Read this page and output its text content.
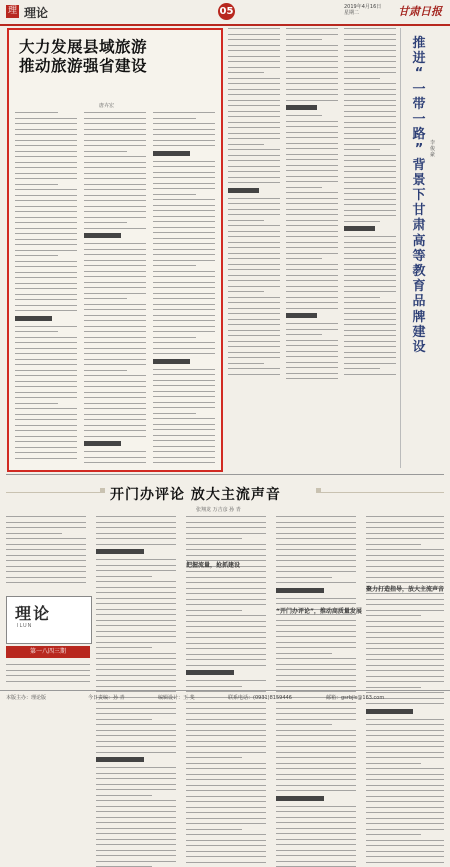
理 理论	05	2019年4月16日
星期二	甘肃日报
大力发展县域旅游
推动旅游强省建设
唐卉宏
推
进
“
一
带
一
路
”
背
景
下
甘
肃
高
等
教
育
品
牌
建
设
李俊豪
开门办评论 放大主流声音
张翔龙 万吉彦 孙 青
把握流量，抢抓建设
“开门办评论”，推动高质量发展
聚力打造指导，放大主流声音
理论
ILUN
第一八四三期
本版主办：理论版	今日责编：孙 青	编辑设计：王 斐	联系电话：(0931)8159446	邮箱：gsrbjls@163.com
